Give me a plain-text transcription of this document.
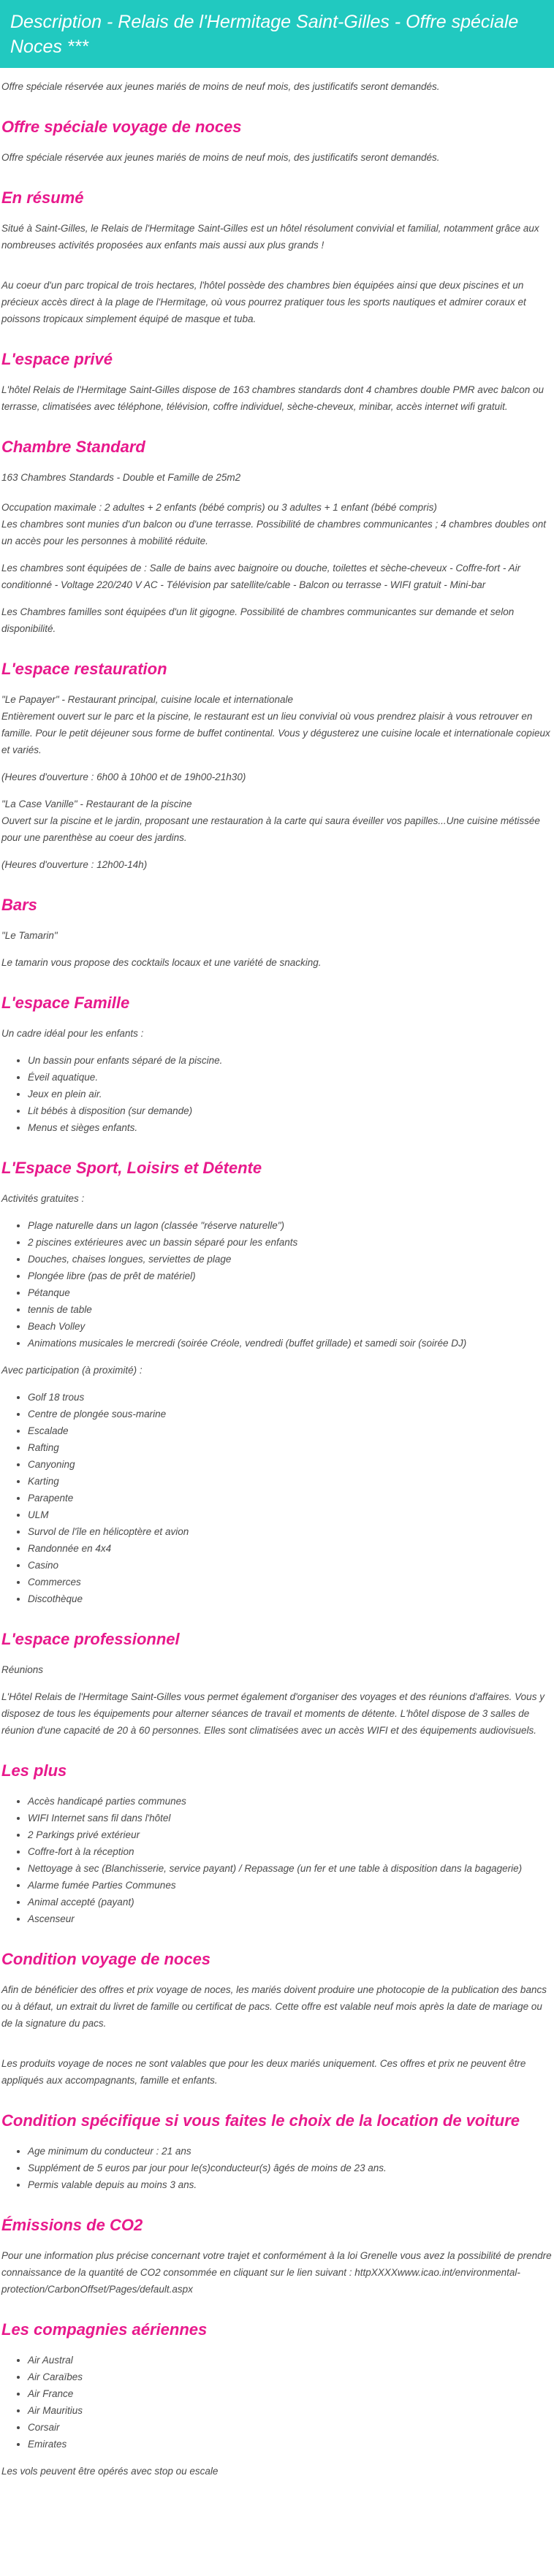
Description - Relais de l'Hermitage Saint-Gilles - Offre spéciale Noces ***

Offre spéciale réservée aux jeunes mariés de moins de neuf mois, des justificatifs seront demandés.

Offre spéciale voyage de noces

Offre spéciale réservée aux jeunes mariés de moins de neuf mois, des justificatifs seront demandés.

En résumé

Situé à Saint-Gilles, le Relais de l'Hermitage Saint-Gilles est un hôtel résolument convivial et familial, notamment grâce aux nombreuses activités proposées aux enfants mais aussi aux plus grands !

Au coeur d'un parc tropical de trois hectares, l'hôtel possède des chambres bien équipées ainsi que deux piscines et un précieux accès direct à la plage de l'Hermitage, où vous pourrez pratiquer tous les sports nautiques et admirer coraux et poissons tropicaux simplement équipé de masque et tuba.

L'espace privé

L'hôtel Relais de l'Hermitage Saint-Gilles dispose de 163 chambres standards dont 4 chambres double PMR avec balcon ou terrasse, climatisées avec téléphone, télévision, coffre individuel, sèche-cheveux, minibar, accès internet wifi gratuit.

Chambre Standard

163 Chambres Standards - Double et Famille de 25m2

Occupation maximale : 2 adultes + 2 enfants (bébé compris) ou 3 adultes + 1 enfant (bébé compris)

Les chambres sont munies d'un balcon ou d'une terrasse. Possibilité de chambres communicantes ; 4 chambres doubles ont un accès pour les personnes à mobilité réduite.

Les chambres sont équipées de : Salle de bains avec baignoire ou douche, toilettes et sèche-cheveux - Coffre-fort - Air conditionné - Voltage 220/240 V AC - Télévision par satellite/cable - Balcon ou terrasse - WIFI gratuit - Mini-bar

Les Chambres familles sont équipées d'un lit gigogne. Possibilité de chambres communicantes sur demande et selon disponibilité.

L'espace restauration

"Le Papayer" - Restaurant principal, cuisine locale et internationale

Entièrement ouvert sur le parc et la piscine, le restaurant est un lieu convivial où vous prendrez plaisir à vous retrouver en famille. Pour le petit déjeuner sous forme de buffet continental. Vous y dégusterez une cuisine locale et internationale copieux et variés.

(Heures d'ouverture : 6h00 à 10h00 et de 19h00-21h30)

"La Case Vanille" - Restaurant de la piscine

Ouvert sur la piscine et le jardin, proposant une restauration à la carte qui saura éveiller vos papilles...Une cuisine métissée pour une parenthèse au coeur des jardins.

(Heures d'ouverture : 12h00-14h)

Bars

"Le Tamarin"

Le tamarin vous propose des cocktails locaux et une variété de snacking.

L'espace Famille

Un cadre idéal pour les enfants :

• Un bassin pour enfants séparé de la piscine.
• Éveil aquatique.
• Jeux en plein air.
• Lit bébés à disposition (sur demande)
• Menus et sièges enfants.
L'Espace Sport, Loisirs et Détente

Activités gratuites :

• Plage naturelle dans un lagon (classée "réserve naturelle")
• 2 piscines extérieures avec un bassin séparé pour les enfants
• Douches, chaises longues, serviettes de plage
• Plongée libre (pas de prêt de matériel)
• Pétanque
• tennis de table
• Beach Volley
• Animations musicales le mercredi (soirée Créole, vendredi (buffet grillade) et samedi soir (soirée DJ)

Avec participation (à proximité) :

• Golf 18 trous
• Centre de plongée sous-marine
• Escalade
• Rafting
• Canyoning
• Karting
• Parapente
• ULM
• Survol de l'île en hélicoptère et avion
• Randonnée en 4x4
• Casino
• Commerces
• Discothèque
L'espace professionnel

Réunions

L'Hôtel Relais de l'Hermitage Saint-Gilles vous permet également d'organiser des voyages et des réunions d'affaires. Vous y disposez de tous les équipements pour alterner séances de travail et moments de détente. L'hôtel dispose de 3 salles de réunion d'une capacité de 20 à 60 personnes. Elles sont climatisées avec un accès WIFI et des équipements audiovisuels.

Les plus
• Accès handicapé parties communes
• WIFI Internet sans fil dans l'hôtel
• 2 Parkings privé extérieur
• Coffre-fort à la réception
• Nettoyage à sec (Blanchisserie, service payant) / Repassage (un fer et une table à disposition dans la bagagerie)
• Alarme fumée Parties Communes
• Animal accepté (payant)
• Ascenseur
Condition voyage de noces

Afin de bénéficier des offres et prix voyage de noces, les mariés doivent produire une photocopie de la publication des bancs ou à défaut, un extrait du livret de famille ou certificat de pacs. Cette offre est valable neuf mois après la date de mariage ou de la signature du pacs.

Les produits voyage de noces ne sont valables que pour les deux mariés uniquement. Ces offres et prix ne peuvent être appliqués aux accompagnants, famille et enfants.

Condition spécifique si vous faites le choix de la location de voiture
• Age minimum du conducteur : 21 ans
• Supplément de 5 euros par jour pour le(s)conducteur(s) âgés de moins de 23 ans.
• Permis valable depuis au moins 3 ans.
Émissions de CO2

Pour une information plus précise concernant votre trajet et conformément à la loi Grenelle vous avez la possibilité de prendre connaissance de la quantité de CO2 consommée en cliquant sur le lien suivant : httpXXXXwww.icao.int/environmental-protection/CarbonOffset/Pages/default.aspx

Les compagnies aériennes
• Air Austral
• Air Caraïbes
• Air France
• Air Mauritius
• Corsair
• Emirates

Les vols peuvent être opérés avec stop ou escale
